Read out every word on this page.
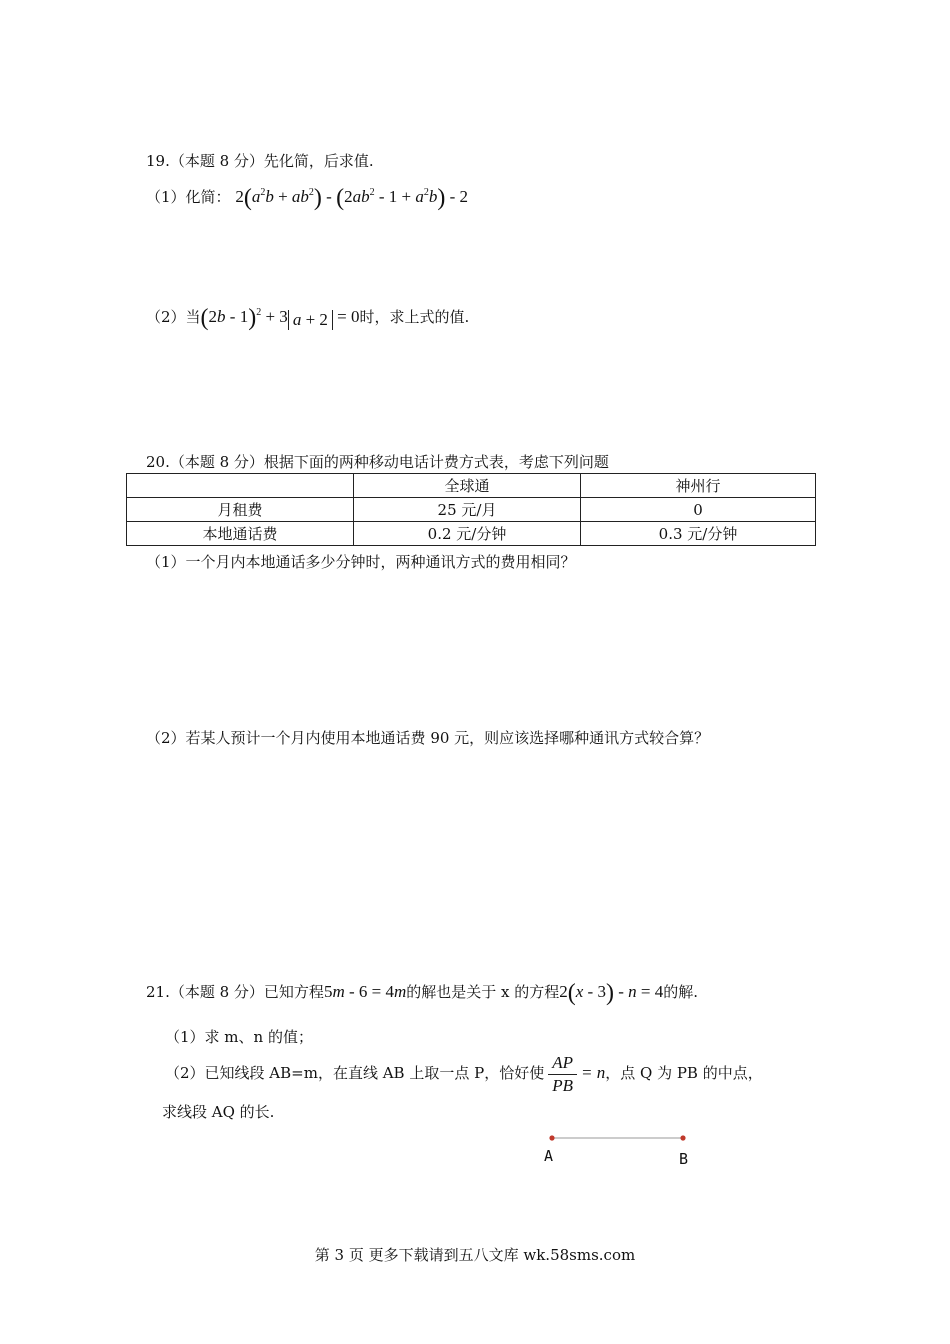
19.（本题 8 分）先化简，后求值.
（1）化简： $2(a^2b + ab^2) - (2ab^2 - 1 + a^2b) - 2$
（2）当(2b - 1)$^2$ + 3 a + 2 = 0时，求上式的值.
20.（本题 8 分）根据下面的两种移动电话计费方式表，考虑下列问题
	全球通	神州行
月租费	25 元/月	0
本地通话费	0.2 元/分钟	0.3 元/分钟
（1）一个月内本地通话多少分钟时，两种通讯方式的费用相同？
（2）若某人预计一个月内使用本地通话费 90 元，则应该选择哪种通讯方式较合算？
21.（本题 8 分）已知方程5m - 6 = 4m的解也是关于 x 的方程2(x - 3) - n = 4的解.
（1）求 m、n 的值；
（2）已知线段 AB=m，在直线 AB 上取一点 P，恰好使 $\frac{AP}{PB} = n$，点 Q 为 PB 的中点，
求线段 AQ 的长.
A	B
第 3 页 更多下载请到五八文库 wk.58sms.com
